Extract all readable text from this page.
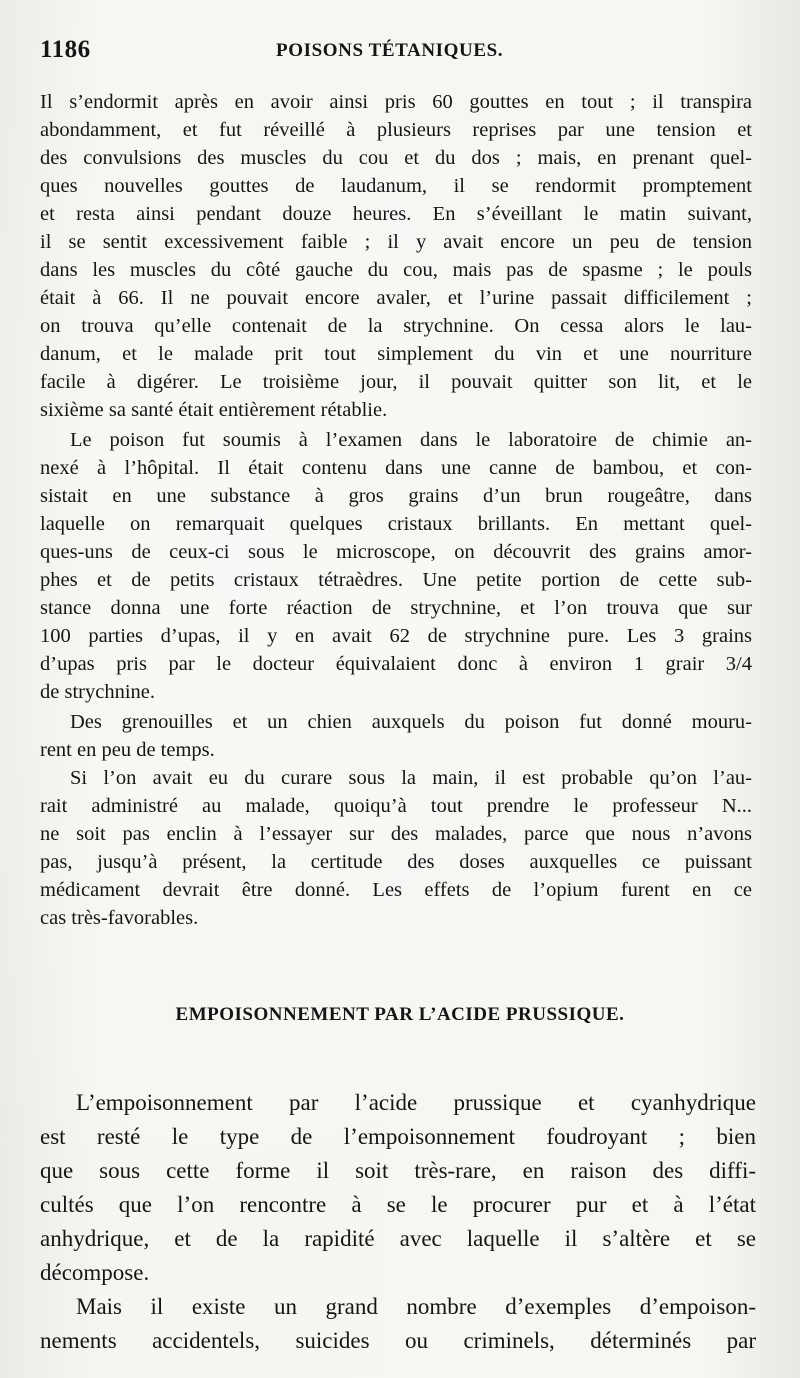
1186	POISONS TÉTANIQUES.
Il s’endormit après en avoir ainsi pris 60 gouttes en tout ; il transpira
abondamment, et fut réveillé à plusieurs reprises par une tension et
des convulsions des muscles du cou et du dos ; mais, en prenant quel-
ques nouvelles gouttes de laudanum, il se rendormit promptement
et resta ainsi pendant douze heures. En s’éveillant le matin suivant,
il se sentit excessivement faible ; il y avait encore un peu de tension
dans les muscles du côté gauche du cou, mais pas de spasme ; le pouls
était à 66. Il ne pouvait encore avaler, et l’urine passait difficilement ;
on trouva qu’elle contenait de la strychnine. On cessa alors le lau-
danum, et le malade prit tout simplement du vin et une nourriture
facile à digérer. Le troisième jour, il pouvait quitter son lit, et le
sixième sa santé était entièrement rétablie.
Le poison fut soumis à l’examen dans le laboratoire de chimie an-
nexé à l’hôpital. Il était contenu dans une canne de bambou, et con-
sistait en une substance à gros grains d’un brun rougeâtre, dans
laquelle on remarquait quelques cristaux brillants. En mettant quel-
ques-uns de ceux-ci sous le microscope, on découvrit des grains amor-
phes et de petits cristaux tétraèdres. Une petite portion de cette sub-
stance donna une forte réaction de strychnine, et l’on trouva que sur
100 parties d’upas, il y en avait 62 de strychnine pure. Les 3 grains
d’upas pris par le docteur équivalaient donc à environ 1 grair 3/4
de strychnine.
Des grenouilles et un chien auxquels du poison fut donné mouru-
rent en peu de temps.
Si l’on avait eu du curare sous la main, il est probable qu’on l’au-
rait administré au malade, quoiqu’à tout prendre le professeur N...
ne soit pas enclin à l’essayer sur des malades, parce que nous n’avons
pas, jusqu’à présent, la certitude des doses auxquelles ce puissant
médicament devrait être donné. Les effets de l’opium furent en ce
cas très-favorables.
EMPOISONNEMENT PAR L’ACIDE PRUSSIQUE.
L’empoisonnement par l’acide prussique et cyanhydrique
est resté le type de l’empoisonnement foudroyant ; bien
que sous cette forme il soit très-rare, en raison des diffi-
cultés que l’on rencontre à se le procurer pur et à l’état
anhydrique, et de la rapidité avec laquelle il s’altère et se
décompose.
Mais il existe un grand nombre d’exemples d’empoison-
nements accidentels, suicides ou criminels, déterminés par
